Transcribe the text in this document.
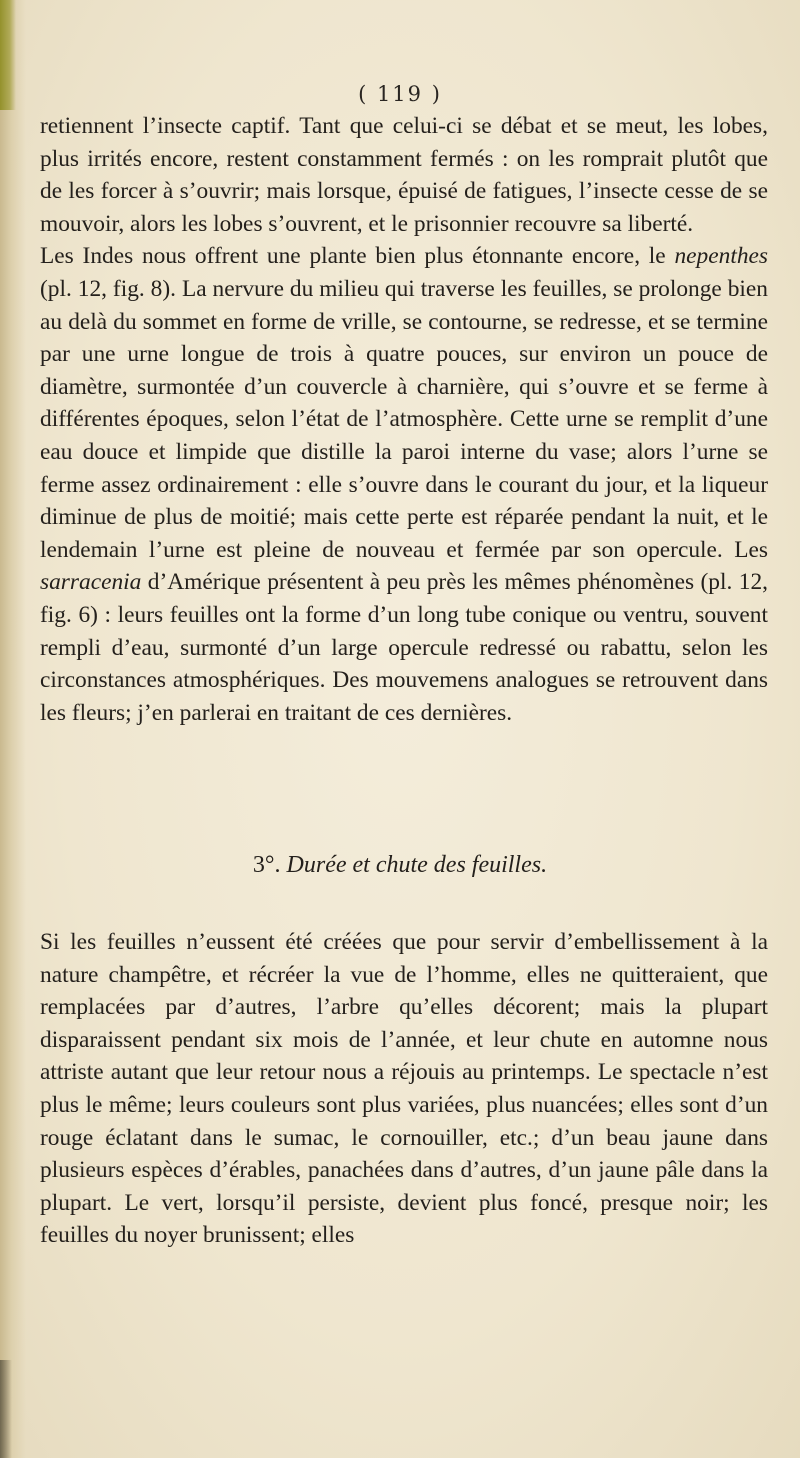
( 119 )

retiennent l’insecte captif. Tant que celui-ci se débat et se meut, les lobes, plus irrités encore, restent constamment fermés : on les romprait plutôt que de les forcer à s’ouvrir; mais lorsque, épuisé de fatigues, l’insecte cesse de se mouvoir, alors les lobes s’ouvrent, et le prisonnier recouvre sa liberté.

Les Indes nous offrent une plante bien plus étonnante encore, le nepenthes (pl. 12, fig. 8). La nervure du milieu qui traverse les feuilles, se prolonge bien au delà du sommet en forme de vrille, se contourne, se redresse, et se termine par une urne longue de trois à quatre pouces, sur environ un pouce de diamètre, surmontée d’un couvercle à charnière, qui s’ouvre et se ferme à différentes époques, selon l’état de l’atmosphère. Cette urne se remplit d’une eau douce et limpide que distille la paroi interne du vase; alors l’urne se ferme assez ordinairement : elle s’ouvre dans le courant du jour, et la liqueur diminue de plus de moitié; mais cette perte est réparée pendant la nuit, et le lendemain l’urne est pleine de nouveau et fermée par son opercule. Les sarracenia d’Amérique présentent à peu près les mêmes phénomènes (pl. 12, fig. 6) : leurs feuilles ont la forme d’un long tube conique ou ventru, souvent rempli d’eau, surmonté d’un large opercule redressé ou rabattu, selon les circonstances atmosphériques. Des mouvemens analogues se retrouvent dans les fleurs; j’en parlerai en traitant de ces dernières.

3°. Durée et chute des feuilles.

Si les feuilles n’eussent été créées que pour servir d’embellissement à la nature champêtre, et récréer la vue de l’homme, elles ne quitteraient, que remplacées par d’autres, l’arbre qu’elles décorent; mais la plupart disparaissent pendant six mois de l’année, et leur chute en automne nous attriste autant que leur retour nous a réjouis au printemps. Le spectacle n’est plus le même; leurs couleurs sont plus variées, plus nuancées; elles sont d’un rouge éclatant dans le sumac, le cornouiller, etc.; d’un beau jaune dans plusieurs espèces d’érables, panachées dans d’autres, d’un jaune pâle dans la plupart. Le vert, lorsqu’il persiste, devient plus foncé, presque noir; les feuilles du noyer brunissent; elles
